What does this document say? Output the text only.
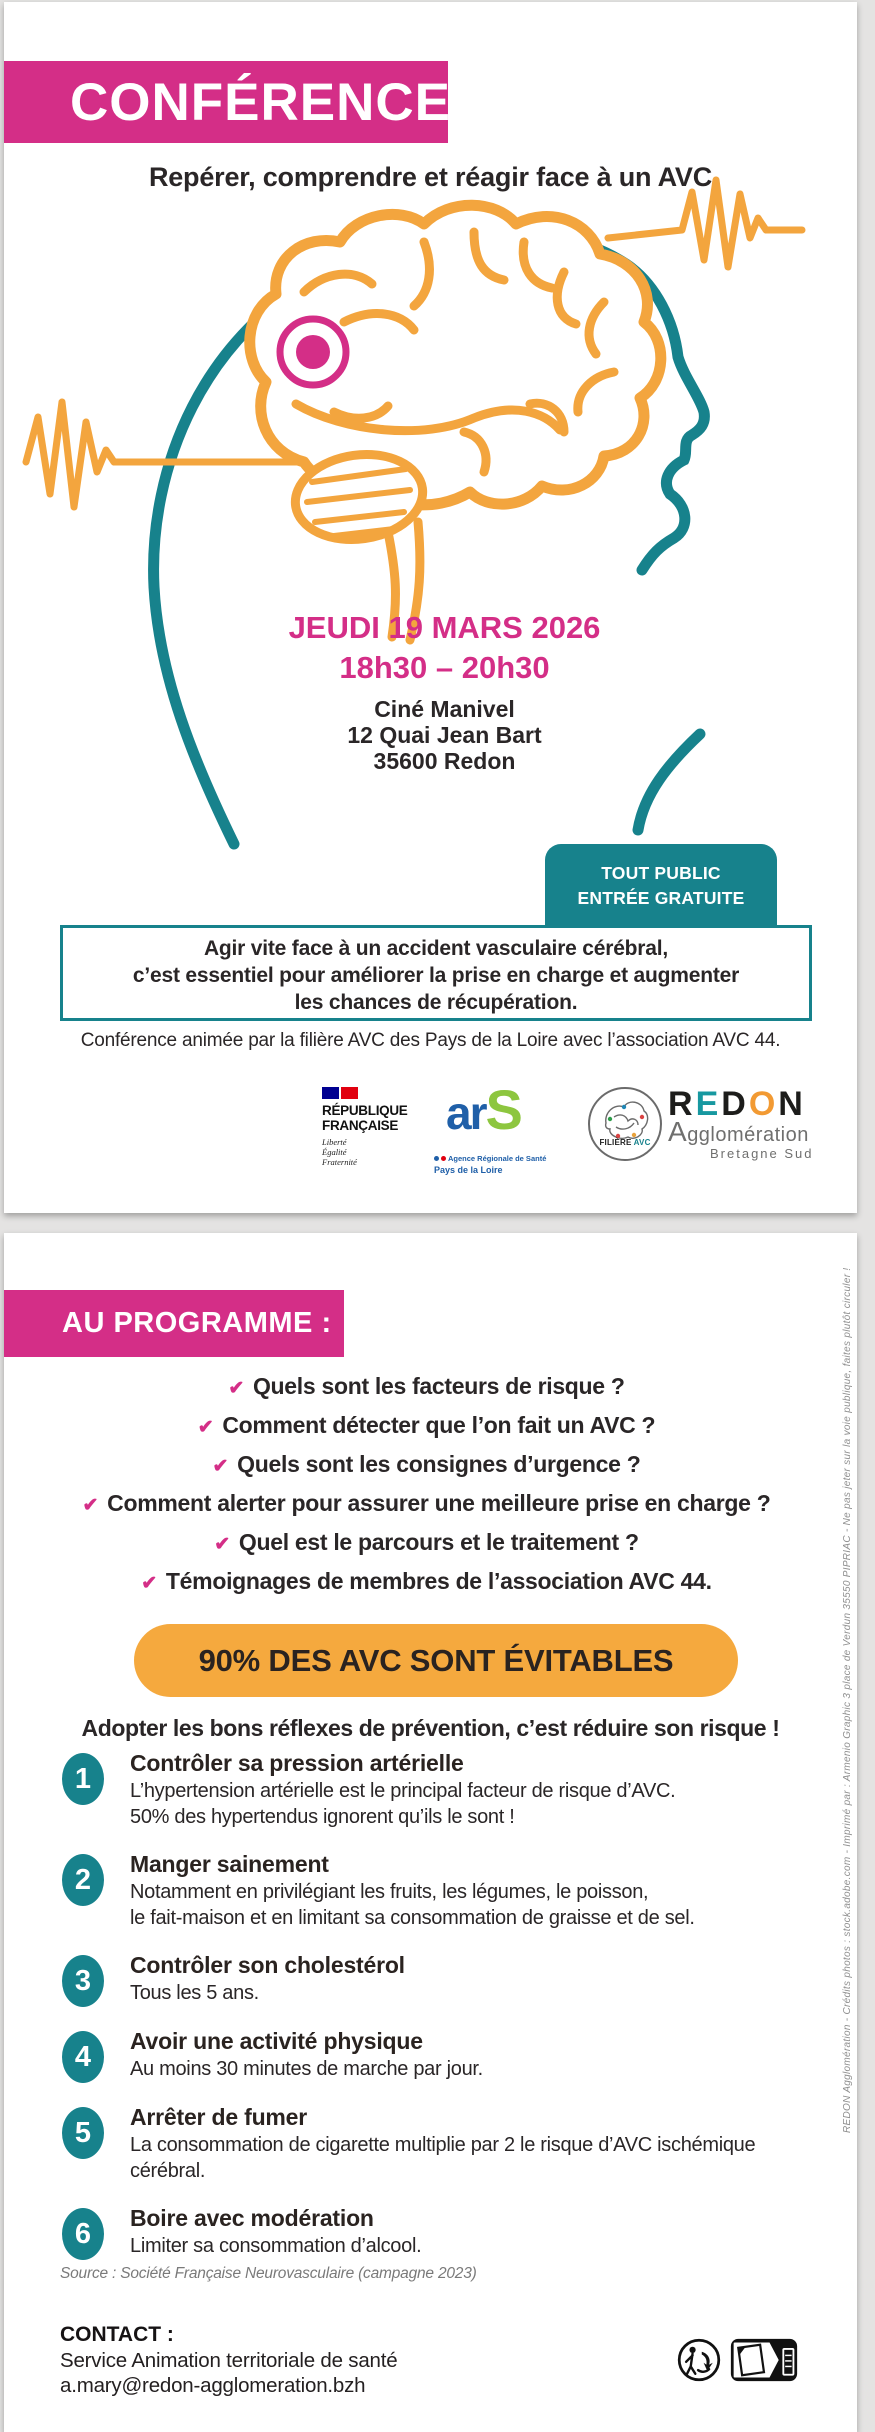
CONFÉRENCE
Repérer, comprendre et réagir face à un AVC
JEUDI 19 MARS 2026
18h30 – 20h30
Ciné Manivel
12 Quai Jean Bart
35600 Redon
TOUT PUBLIC
ENTRÉE GRATUITE
Agir vite face à un accident vasculaire cérébral,
c’est essentiel pour améliorer la prise en charge et augmenter
les chances de récupération.
Conférence animée par la filière AVC des Pays de la Loire avec l’association AVC 44.
RÉPUBLIQUE
FRANÇAISE
Liberté
Égalité
Fraternité
arS
Agence Régionale de Santé
Pays de la Loire
FILIÈRE AVC
REDON
Agglomération
Bretagne Sud
AU PROGRAMME :
✔
Quels sont les facteurs de risque ?
✔
Comment détecter que l’on fait un AVC ?
✔
Quels sont les consignes d’urgence ?
✔
Comment alerter pour assurer une meilleure prise en charge ?
✔
Quel est le parcours et le traitement ?
✔
Témoignages de membres de l’association AVC 44.
90% DES AVC SONT ÉVITABLES
Adopter les bons réflexes de prévention, c’est réduire son risque !
1	Contrôler sa pression artérielle
L’hypertension artérielle est le principal facteur de risque d’AVC.
50% des hypertendus ignorent qu’ils le sont !
2	Manger sainement
Notamment en privilégiant les fruits, les légumes, le poisson,
le fait-maison et en limitant sa consommation de graisse et de sel.
3	Contrôler son cholestérol
Tous les 5 ans.
4	Avoir une activité physique
Au moins 30 minutes de marche par jour.
5	Arrêter de fumer
La consommation de cigarette multiplie par 2 le risque d’AVC ischémique
cérébral.
6	Boire avec modération
Limiter sa consommation d’alcool.
Source : Société Française Neurovasculaire (campagne 2023)
CONTACT :
Service Animation territoriale de santé
a.mary@redon-agglomeration.bzh
REDON Agglomération - Crédits photos : stock.adobe.com - Imprimé par : Armenio Graphic 3 place de Verdun 35550 PIPRIAC - Ne pas jeter sur la voie publique, faites plutôt circuler !
